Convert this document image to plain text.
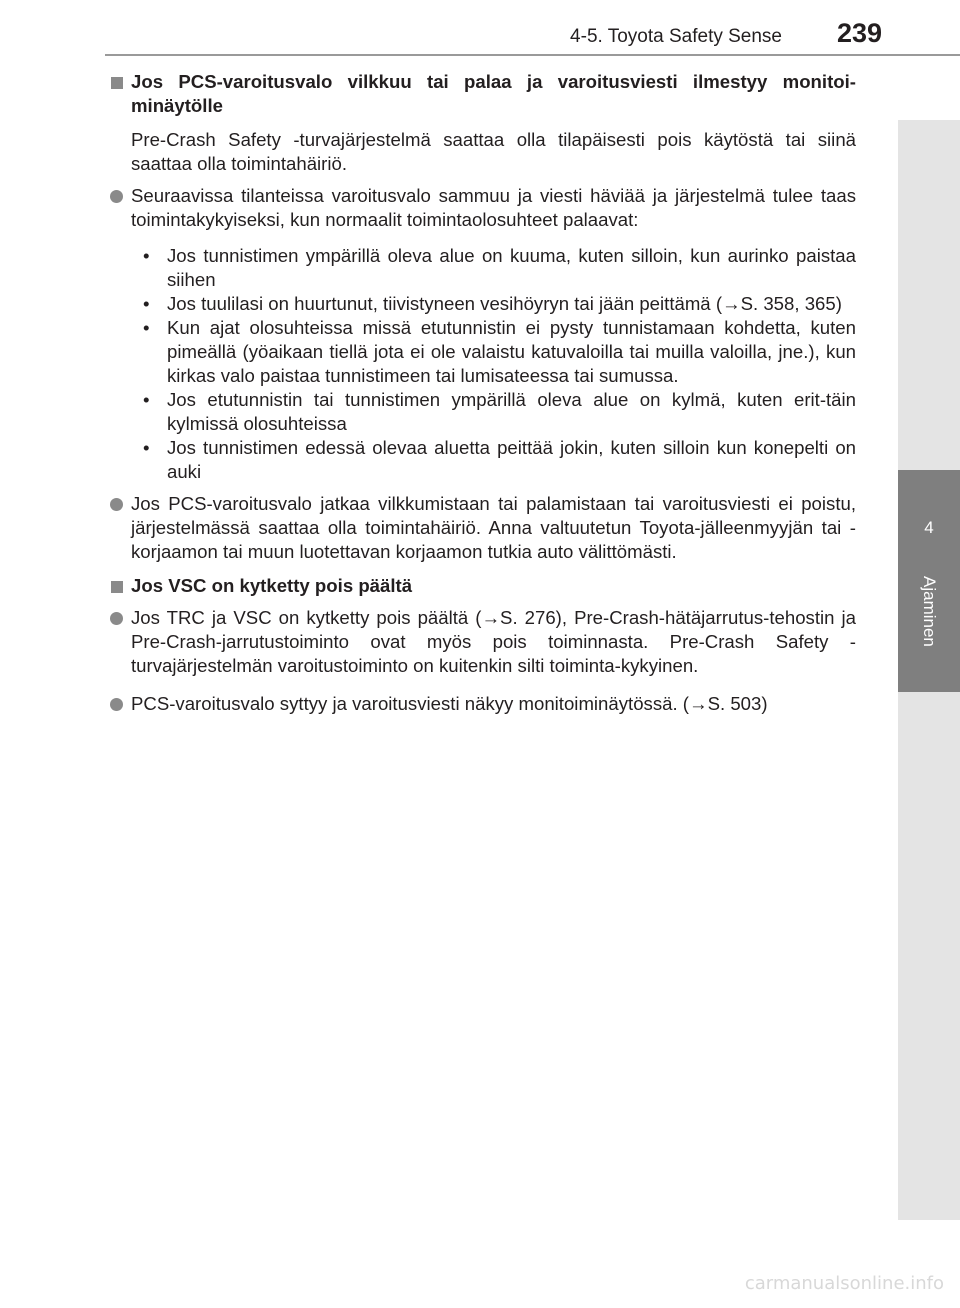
4-5. Toyota Safety Sense 239
4
Ajaminen
Jos PCS-varoitusvalo vilkkuu tai palaa ja varoitusviesti ilmestyy monitoi-minäytölle
Pre-Crash Safety -turvajärjestelmä saattaa olla tilapäisesti pois käytöstä tai siinä saattaa olla toimintahäiriö.
Seuraavissa tilanteissa varoitusvalo sammuu ja viesti häviää ja järjestelmä tulee taas toimintakykyiseksi, kun normaalit toimintaolosuhteet palaavat:
• Jos tunnistimen ympärillä oleva alue on kuuma, kuten silloin, kun aurinko paistaa siihen
• Jos tuulilasi on huurtunut, tiivistyneen vesihöyryn tai jään peittämä (→S. 358, 365)
• Kun ajat olosuhteissa missä etutunnistin ei pysty tunnistamaan kohdetta, kuten pimeällä (yöaikaan tiellä jota ei ole valaistu katuvaloilla tai muilla valoilla, jne.), kun kirkas valo paistaa tunnistimeen tai lumisateessa tai sumussa.
• Jos etutunnistin tai tunnistimen ympärillä oleva alue on kylmä, kuten erit-täin kylmissä olosuhteissa
• Jos tunnistimen edessä olevaa aluetta peittää jokin, kuten silloin kun konepelti on auki
Jos PCS-varoitusvalo jatkaa vilkkumistaan tai palamistaan tai varoitusviesti ei poistu, järjestelmässä saattaa olla toimintahäiriö. Anna valtuutetun Toyota-jälleenmyyjän tai -korjaamon tai muun luotettavan korjaamon tutkia auto välittömästi.
Jos VSC on kytketty pois päältä
Jos TRC ja VSC on kytketty pois päältä (→S. 276), Pre-Crash-hätäjarrutus-tehostin ja Pre-Crash-jarrutustoiminto ovat myös pois toiminnasta. Pre-Crash Safety -turvajärjestelmän varoitustoiminto on kuitenkin silti toiminta-kykyinen.
PCS-varoitusvalo syttyy ja varoitusviesti näkyy monitoiminäytössä. (→S. 503)
carmanualsonline.info
